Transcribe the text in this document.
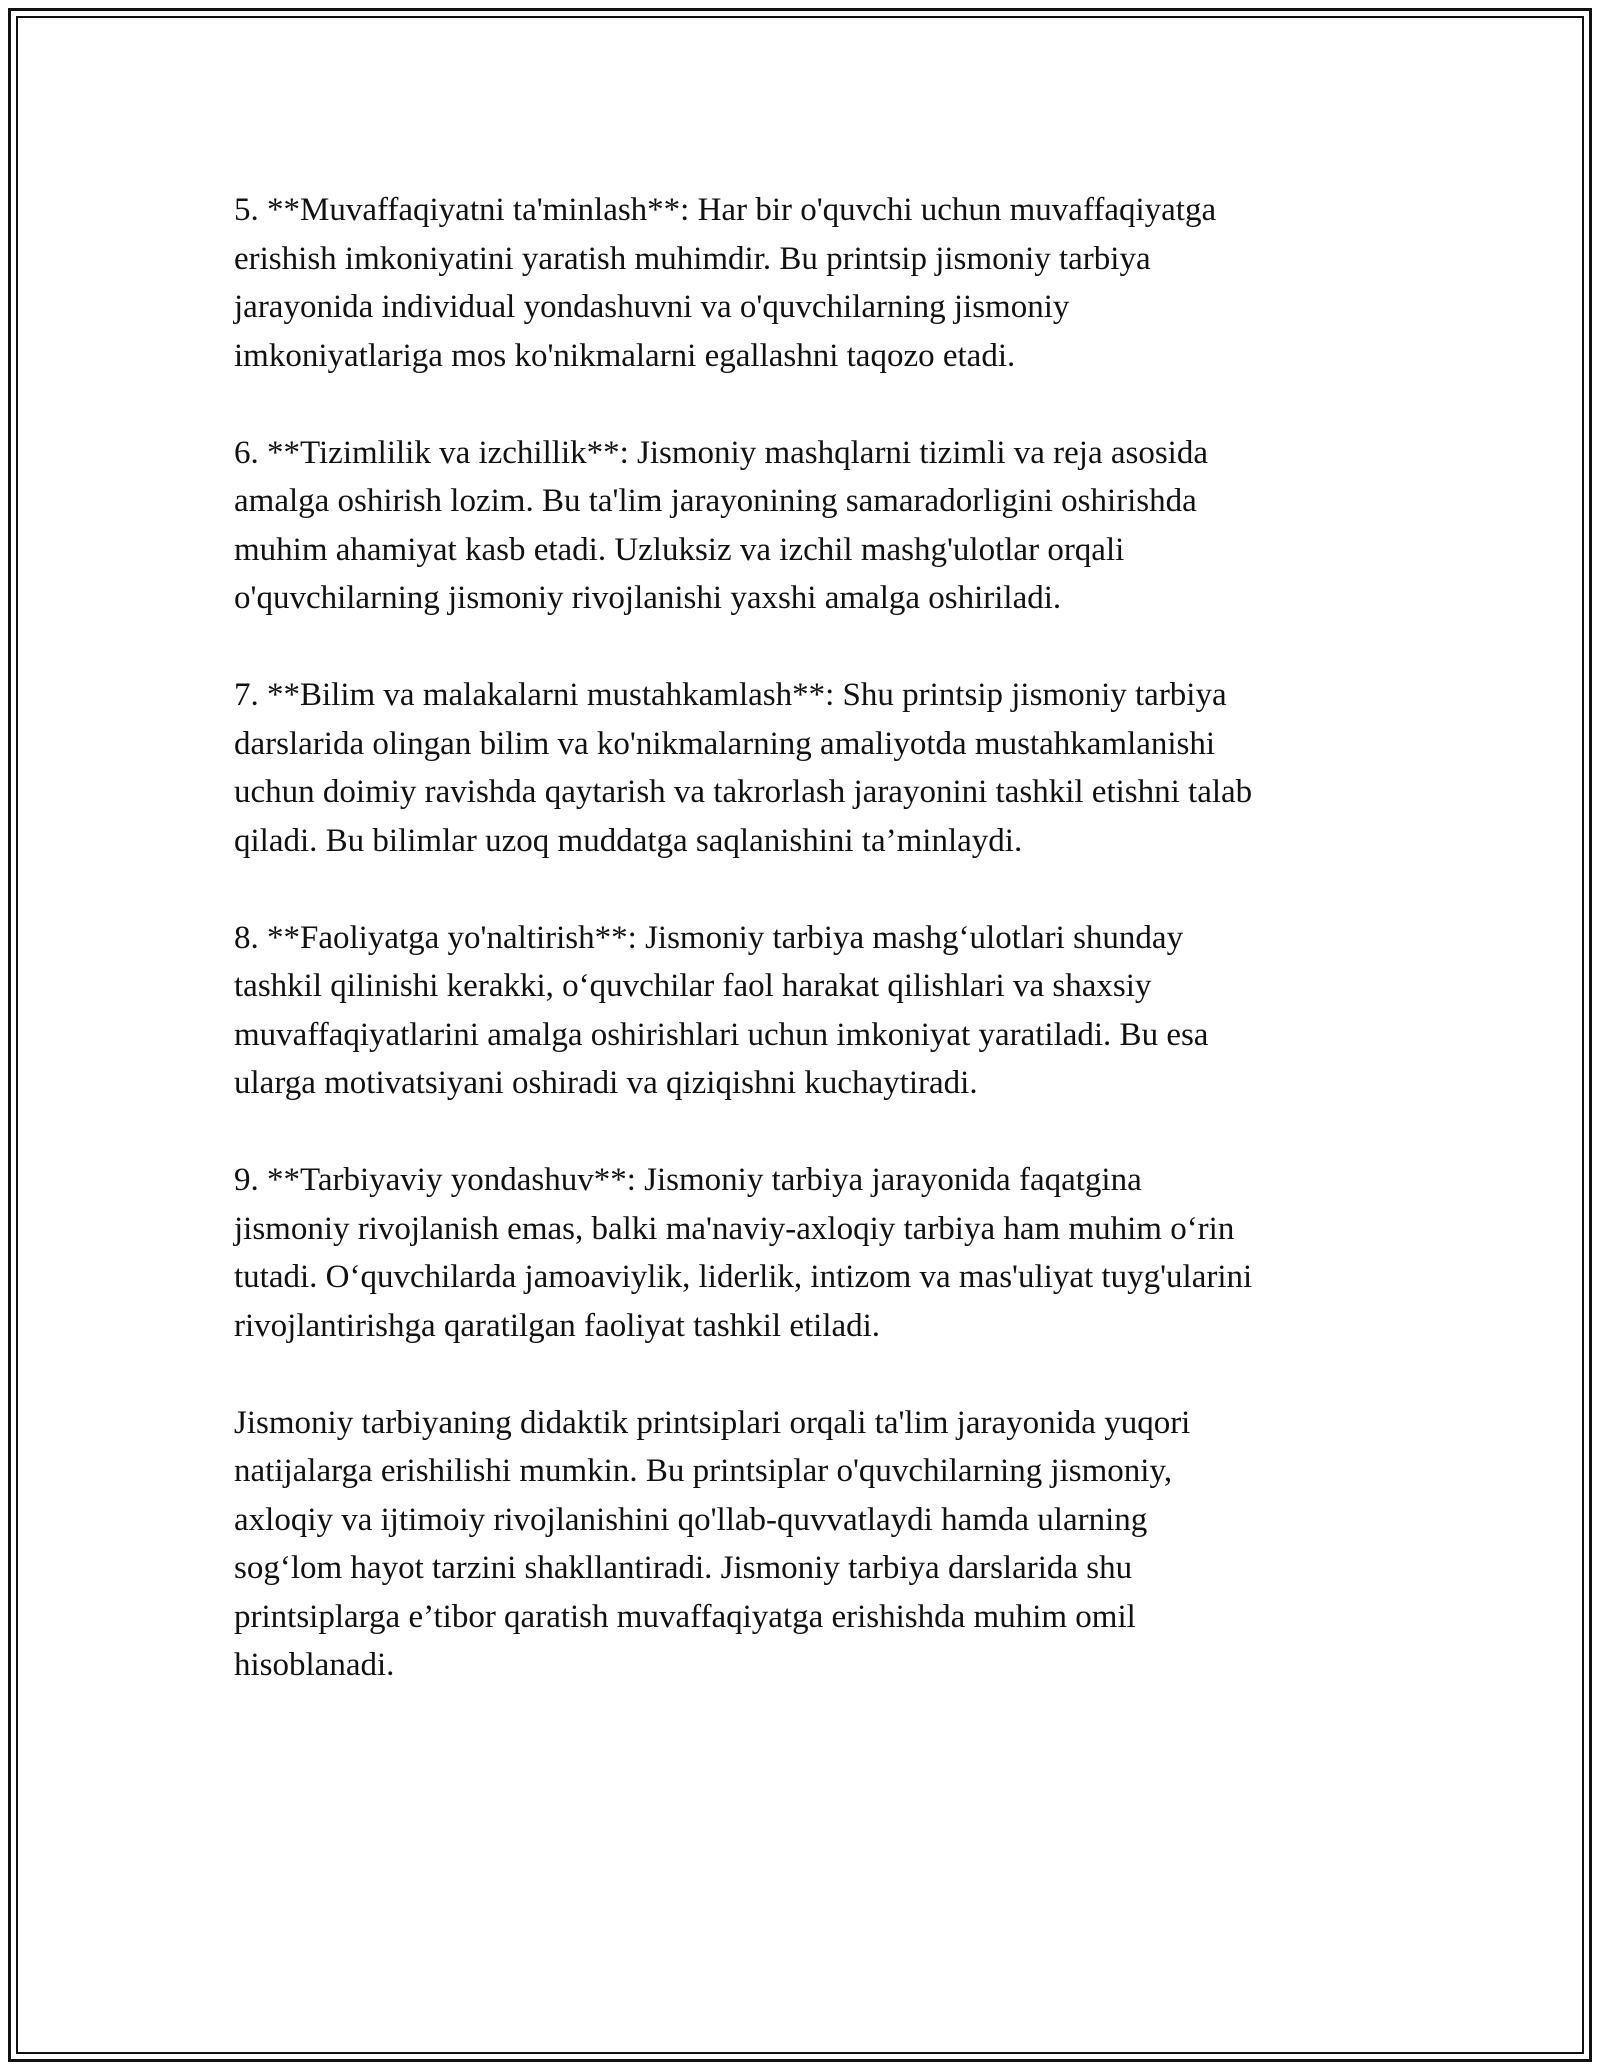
5. **Muvaffaqiyatni ta'minlash**: Har bir o'quvchi uchun muvaffaqiyatga
erishish imkoniyatini yaratish muhimdir. Bu printsip jismoniy tarbiya
jarayonida individual yondashuvni va o'quvchilarning jismoniy
imkoniyatlariga mos ko'nikmalarni egallashni taqozo etadi.

6. **Tizimlilik va izchillik**: Jismoniy mashqlarni tizimli va reja asosida
amalga oshirish lozim. Bu ta'lim jarayonining samaradorligini oshirishda
muhim ahamiyat kasb etadi. Uzluksiz va izchil mashg'ulotlar orqali
o'quvchilarning jismoniy rivojlanishi yaxshi amalga oshiriladi.

7. **Bilim va malakalarni mustahkamlash**: Shu printsip jismoniy tarbiya
darslarida olingan bilim va ko'nikmalarning amaliyotda mustahkamlanishi
uchun doimiy ravishda qaytarish va takrorlash jarayonini tashkil etishni talab
qiladi. Bu bilimlar uzoq muddatga saqlanishini ta’minlaydi.

8. **Faoliyatga yo'naltirish**: Jismoniy tarbiya mashg‘ulotlari shunday
tashkil qilinishi kerakki, o‘quvchilar faol harakat qilishlari va shaxsiy
muvaffaqiyatlarini amalga oshirishlari uchun imkoniyat yaratiladi. Bu esa
ularga motivatsiyani oshiradi va qiziqishni kuchaytiradi.

9. **Tarbiyaviy yondashuv**: Jismoniy tarbiya jarayonida faqatgina
jismoniy rivojlanish emas, balki ma'naviy-axloqiy tarbiya ham muhim o‘rin
tutadi. O‘quvchilarda jamoaviylik, liderlik, intizom va mas'uliyat tuyg'ularini
rivojlantirishga qaratilgan faoliyat tashkil etiladi.

Jismoniy tarbiyaning didaktik printsiplari orqali ta'lim jarayonida yuqori
natijalarga erishilishi mumkin. Bu printsiplar o'quvchilarning jismoniy,
axloqiy va ijtimoiy rivojlanishini qo'llab-quvvatlaydi hamda ularning
sog‘lom hayot tarzini shakllantiradi. Jismoniy tarbiya darslarida shu
printsiplarga e’tibor qaratish muvaffaqiyatga erishishda muhim omil
hisoblanadi.
